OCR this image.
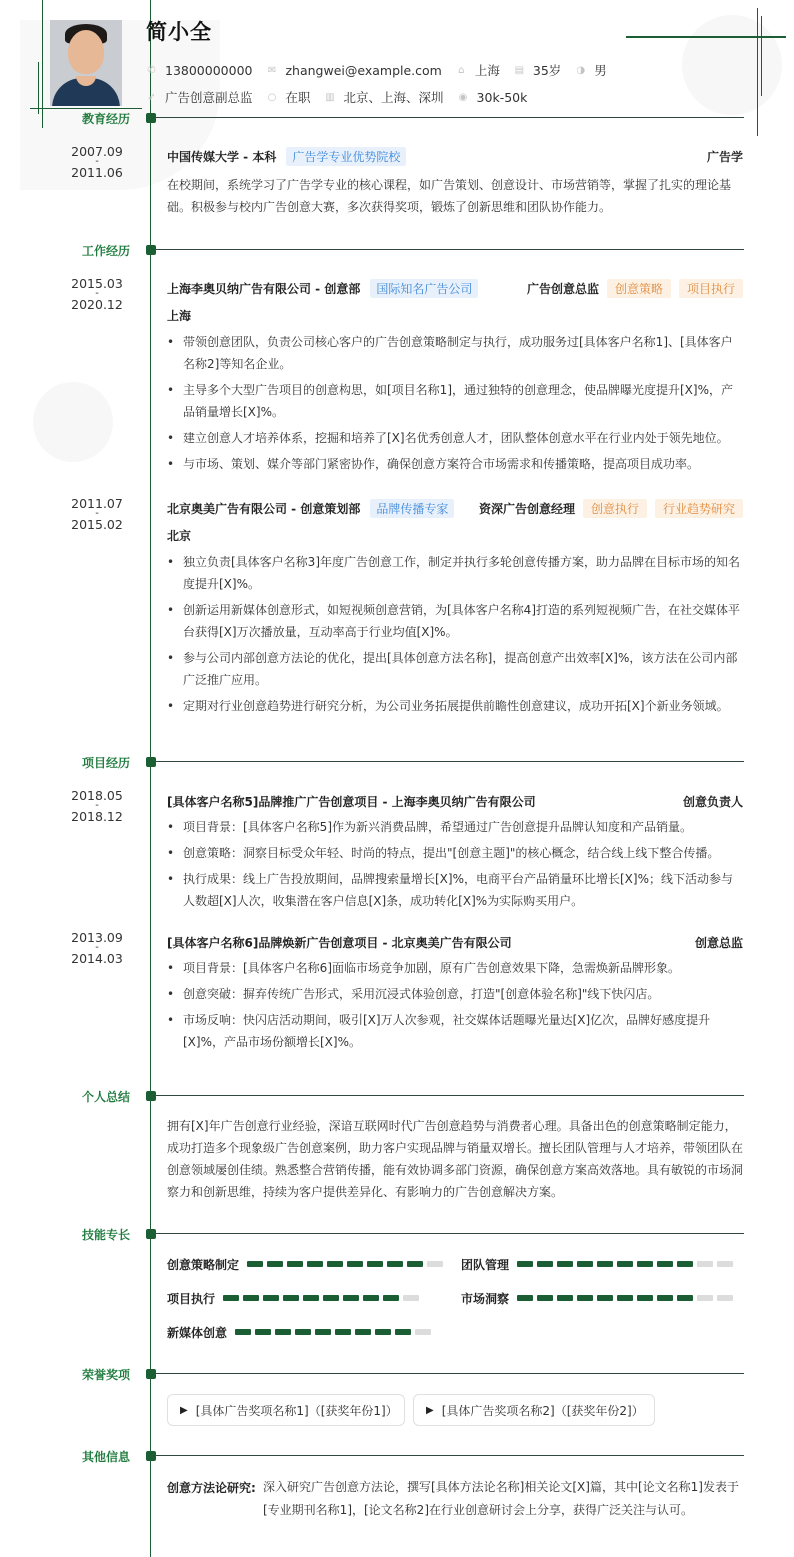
简小全
✆ 13800000000 ✉ zhangwei@example.com ⌂ 上海 ▤ 35岁 ◑ 男
➶ 广告创意副总监 ○ 在职 ▥ 北京、上海、深圳 ◉ 30k-50k
教育经历
2007.09
-
2011.06
中国传媒大学 - 本科	广告学专业优势院校	广告学
在校期间，系统学习了广告学专业的核心课程，如广告策划、创意设计、市场营销等，掌握了扎实的理论基础。积极参与校内广告创意大赛，多次获得奖项，锻炼了创新思维和团队协作能力。
工作经历
2015.03
-
2020.12
上海李奥贝纳广告有限公司 - 创意部	国际知名广告公司	广告创意总监	创意策略	项目执行
上海
• 带领创意团队，负责公司核心客户的广告创意策略制定与执行，成功服务过[具体客户名称1]、[具体客户名称2]等知名企业。
• 主导多个大型广告项目的创意构思，如[项目名称1]，通过独特的创意理念，使品牌曝光度提升[X]%，产品销量增长[X]%。
• 建立创意人才培养体系，挖掘和培养了[X]名优秀创意人才，团队整体创意水平在行业内处于领先地位。
• 与市场、策划、媒介等部门紧密协作，确保创意方案符合市场需求和传播策略，提高项目成功率。
2011.07
-
2015.02
北京奥美广告有限公司 - 创意策划部	品牌传播专家	资深广告创意经理	创意执行	行业趋势研究
北京
• 独立负责[具体客户名称3]年度广告创意工作，制定并执行多轮创意传播方案，助力品牌在目标市场的知名度提升[X]%。
• 创新运用新媒体创意形式，如短视频创意营销，为[具体客户名称4]打造的系列短视频广告，在社交媒体平台获得[X]万次播放量，互动率高于行业均值[X]%。
• 参与公司内部创意方法论的优化，提出[具体创意方法名称]，提高创意产出效率[X]%，该方法在公司内部广泛推广应用。
• 定期对行业创意趋势进行研究分析，为公司业务拓展提供前瞻性创意建议，成功开拓[X]个新业务领域。
项目经历
2018.05
-
2018.12
[具体客户名称5]品牌推广广告创意项目 - 上海李奥贝纳广告有限公司	创意负责人
• 项目背景：[具体客户名称5]作为新兴消费品牌，希望通过广告创意提升品牌认知度和产品销量。
• 创意策略：洞察目标受众年轻、时尚的特点，提出"[创意主题]"的核心概念，结合线上线下整合传播。
• 执行成果：线上广告投放期间，品牌搜索量增长[X]%，电商平台产品销量环比增长[X]%；线下活动参与人数超[X]人次，收集潜在客户信息[X]条，成功转化[X]%为实际购买用户。
2013.09
-
2014.03
[具体客户名称6]品牌焕新广告创意项目 - 北京奥美广告有限公司	创意总监
• 项目背景：[具体客户名称6]面临市场竞争加剧，原有广告创意效果下降，急需焕新品牌形象。
• 创意突破：摒弃传统广告形式，采用沉浸式体验创意，打造"[创意体验名称]"线下快闪店。
• 市场反响：快闪店活动期间，吸引[X]万人次参观，社交媒体话题曝光量达[X]亿次，品牌好感度提升[X]%，产品市场份额增长[X]%。
个人总结
拥有[X]年广告创意行业经验，深谙互联网时代广告创意趋势与消费者心理。具备出色的创意策略制定能力，成功打造多个现象级广告创意案例，助力客户实现品牌与销量双增长。擅长团队管理与人才培养，带领团队在创意领域屡创佳绩。熟悉整合营销传播，能有效协调多部门资源，确保创意方案高效落地。具有敏锐的市场洞察力和创新思维，持续为客户提供差异化、有影响力的广告创意解决方案。
技能专长
创意策略制定	团队管理
项目执行	市场洞察
新媒体创意
荣誉奖项
▶ [具体广告奖项名称1]（[获奖年份1]）	▶ [具体广告奖项名称2]（[获奖年份2]）
其他信息
创意方法论研究: 深入研究广告创意方法论，撰写[具体方法论名称]相关论文[X]篇，其中[论文名称1]发表于[专业期刊名称1]，[论文名称2]在行业创意研讨会上分享，获得广泛关注与认可。
